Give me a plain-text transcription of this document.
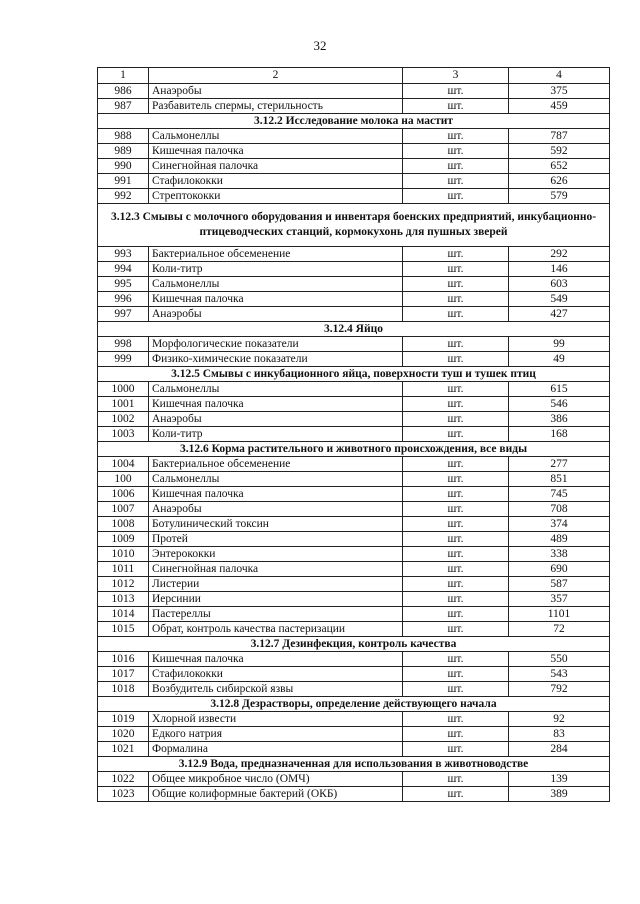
32
1	2	3	4
986	Анаэробы	шт.	375
987	Разбавитель спермы, стерильность	шт.	459
3.12.2 Исследование молока на мастит			
988	Сальмонеллы	шт.	787
989	Кишечная палочка	шт.	592
990	Синегнойная палочка	шт.	652
991	Стафилококки	шт.	626
992	Стрептококки	шт.	579
3.12.3 Смывы с молочного оборудования и инвентаря боенских предприятий, инкубационно-птицеводческих станций, кормокухонь для пушных зверей			
993	Бактериальное обсеменение	шт.	292
994	Коли-титр	шт.	146
995	Сальмонеллы	шт.	603
996	Кишечная палочка	шт.	549
997	Анаэробы	шт.	427
3.12.4 Яйцо			
998	Морфологические показатели	шт.	99
999	Физико-химические показатели	шт.	49
3.12.5 Смывы с инкубационного яйца, поверхности туш и тушек птиц			
1000	Сальмонеллы	шт.	615
1001	Кишечная палочка	шт.	546
1002	Анаэробы	шт.	386
1003	Коли-титр	шт.	168
3.12.6 Корма растительного и животного происхождения, все виды			
1004	Бактериальное обсеменение	шт.	277
100	Сальмонеллы	шт.	851
1006	Кишечная палочка	шт.	745
1007	Анаэробы	шт.	708
1008	Ботулинический токсин	шт.	374
1009	Протей	шт.	489
1010	Энтерококки	шт.	338
1011	Синегнойная палочка	шт.	690
1012	Листерии	шт.	587
1013	Иерсинии	шт.	357
1014	Пастереллы	шт.	1101
1015	Обрат, контроль качества пастеризации	шт.	72
3.12.7 Дезинфекция, контроль качества			
1016	Кишечная палочка	шт.	550
1017	Стафилококки	шт.	543
1018	Возбудитель сибирской язвы	шт.	792
3.12.8 Дезрастворы, определение действующего начала			
1019	Хлорной извести	шт.	92
1020	Едкого натрия	шт.	83
1021	Формалина	шт.	284
3.12.9 Вода, предназначенная для использования в животноводстве			
1022	Общее микробное число (ОМЧ)	шт.	139
1023	Общие колиформные бактерий (ОКБ)	шт.	389
